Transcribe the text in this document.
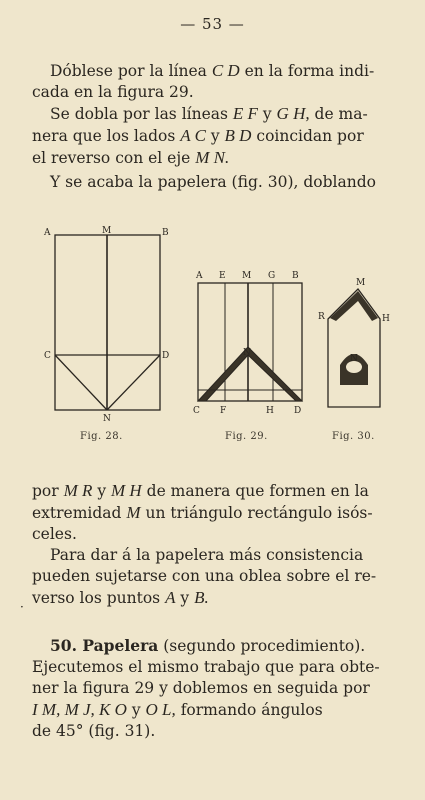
— 53 —

Dóblese por la línea C D en la forma indi-
cada en la figura 29.

Se dobla por las líneas E F y G H, de ma-
nera que los lados A C y B D coincidan por
el reverso con el eje M N.

Y se acaba la papelera (fig. 30), doblando

A	M	B
C	D
N
A E M G B
N
C F	H D
M
R	H
N
Fig. 28.	Fig. 29.	Fig. 30.

por M R y M H de manera que formen en la
extremidad M un triángulo rectángulo isós-
celes.

Para dar á la papelera más consistencia
pueden sujetarse con una oblea sobre el re-
verso los puntos A y B.

·

50. Papelera (segundo procedimiento).
Ejecutemos el mismo trabajo que para obte-
ner la figura 29 y doblemos en seguida por
I M, M J, K O y O L, formando ángulos
de 45° (fig. 31).
